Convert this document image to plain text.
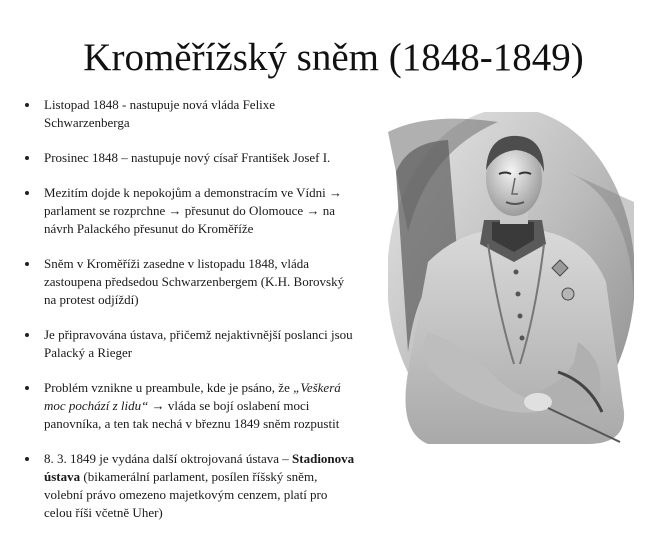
Kroměřížský sněm (1848-1849)
Listopad 1848 - nastupuje nová vláda Felixe
Schwarzenberga
Prosinec 1848 – nastupuje nový císař František Josef I.
Mezitím dojde k nepokojům a demonstracím ve Vídni →
parlament se rozprchne → přesunut do Olomouce → na
návrh Palackého přesunut do Kroměříže
Sněm v Kroměříži zasedne v listopadu 1848, vláda
zastoupena předsedou Schwarzenbergem (K.H. Borovský
na protest odjíždí)
Je připravována ústava, přičemž nejaktivnější poslanci jsou
Palacký a Rieger
Problém vznikne u preambule, kde je psáno, že „Veškerá
moc pochází z lidu“ → vláda se bojí oslabení moci
panovníka, a ten tak nechá v březnu 1849 sněm rozpustit
8. 3. 1849 je vydána další oktrojovaná ústava – Stadionova
ústava (bikamerální parlament, posílen říšský sněm,
volební právo omezeno majetkovým cenzem, platí pro
celou říši včetně Uher)
